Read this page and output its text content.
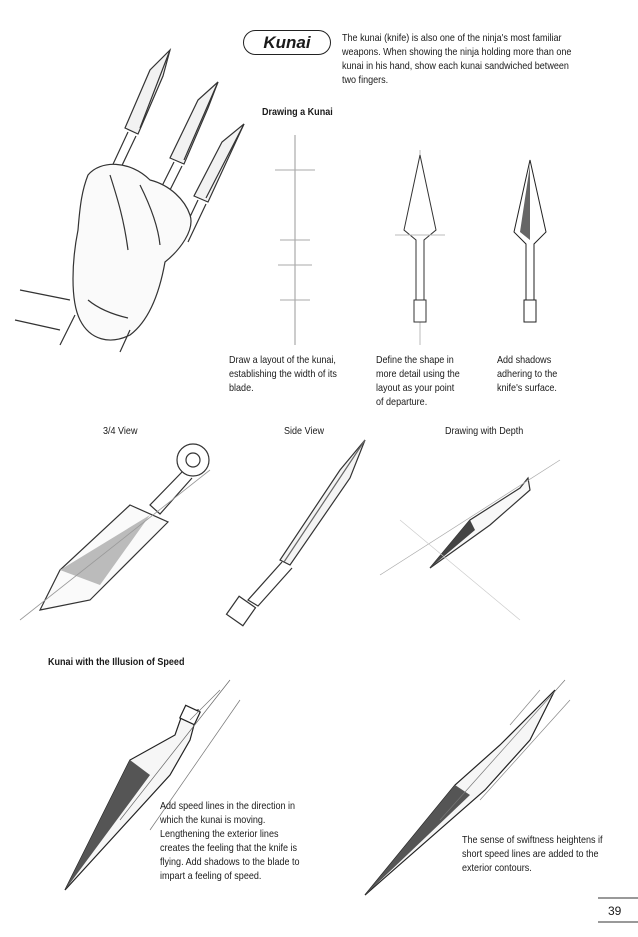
Kunai	The kunai (knife) is also one of the ninja's most familiar
weapons. When showing the ninja holding more than one
kunai in his hand, show each kunai sandwiched between
two fingers.
Drawing a Kunai
Draw a layout of the kunai,
establishing the width of its
blade.
Define the shape in
more detail using the
layout as your point
of departure.
Add shadows
adhering to the
knife's surface.
3/4 View	Side View	Drawing with Depth
Kunai with the Illusion of Speed
Add speed lines in the direction in
which the kunai is moving.
Lengthening the exterior lines
creates the feeling that the knife is
flying. Add shadows to the blade to
impart a feeling of speed.
The sense of swiftness heightens if
short speed lines are added to the
exterior contours.
39
